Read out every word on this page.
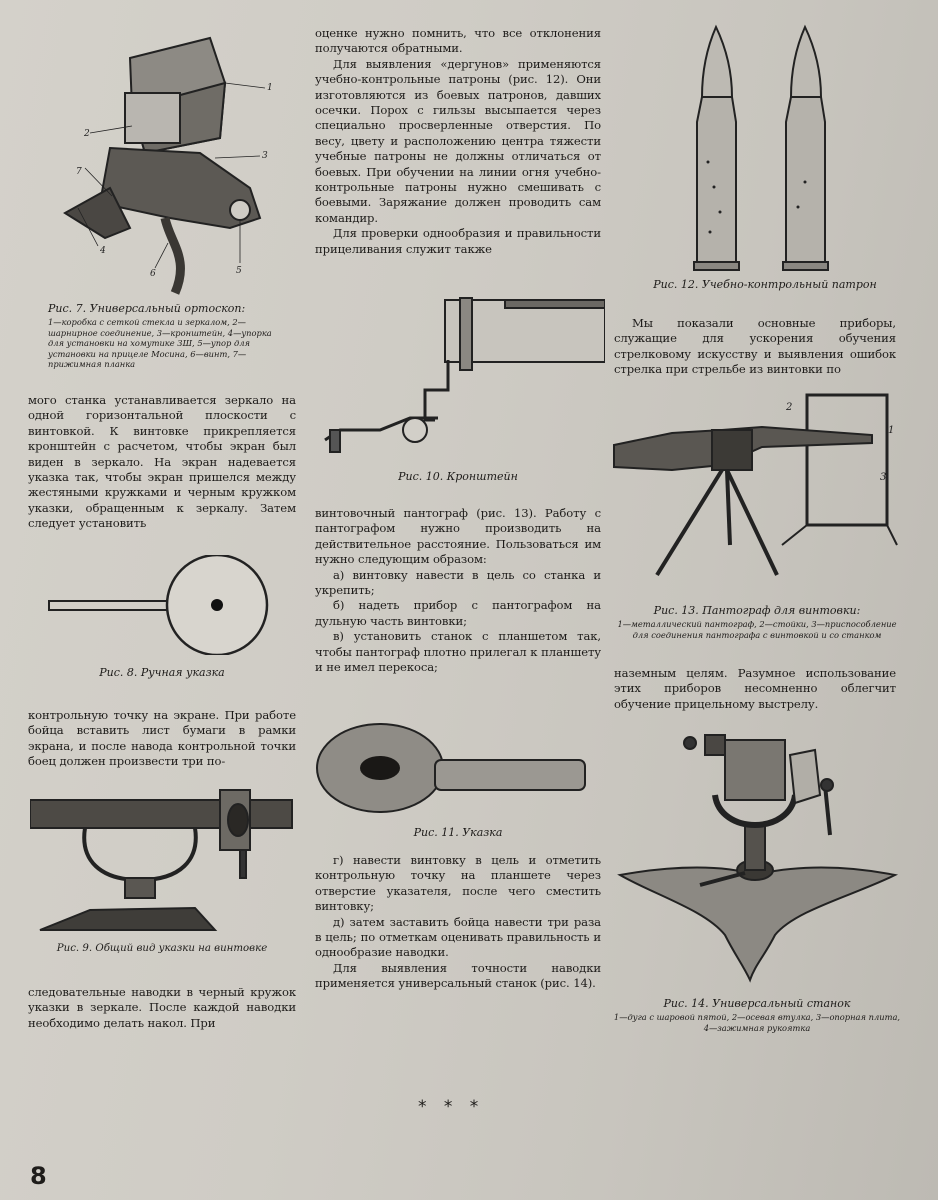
1
2
3
4
5
6
7

Рис. 7. Универсальный ортоскоп:

1—коробка с сеткой стекла и зеркалом, 2—шарнирное соединение, 3—кронштейн, 4—упорка для установки на хомутике 3Ш, 5—упор для установки на прицеле Мосина, 6—винт, 7—прижимная планка

мого станка устанавливается зеркало на одной горизонтальной плоскости с винтовкой. К винтовке прикрепляется кронштейн с расчетом, чтобы экран был виден в зеркало. На экран надевается указка так, чтобы экран пришелся между жестяными кружками и черным кружком указки, обращенным к зеркалу. Затем следует установить

Рис. 8. Ручная указка

контрольную точку на экране. При работе бойца вставить лист бумаги в рамки экрана, и после навода контрольной точки боец должен произвести три по-

Рис. 9. Общий вид указки на винтовке

следовательные наводки в черный кружок указки в зеркале. После каждой наводки необходимо делать накол. При

оценке нужно помнить, что все отклонения получаются обратными.

Для выявления «дергунов» применяются учебно-контрольные патроны (рис. 12). Они изготовляются из боевых патронов, давших осечки. Порох с гильзы высыпается через специально просверленные отверстия. По весу, цвету и расположению центра тяжести учебные патроны не должны отличаться от боевых. При обучении на линии огня учебно-контрольные патроны нужно смешивать с боевыми. Заряжание должен проводить сам командир.

Для проверки однообразия и правильности прицеливания служит также

Рис. 10. Кронштейн

винтовочный пантограф (рис. 13). Работу с пантографом нужно производить на действительное расстояние. Пользоваться им нужно следующим образом:

а) винтовку навести в цель со станка и укрепить;

б) надеть прибор с пантографом на дульную часть винтовки;

в) установить станок с планшетом так, чтобы пантограф плотно прилегал к планшету и не имел перекоса;

Рис. 11. Указка

г) навести винтовку в цель и отметить контрольную точку на планшете через отверстие указателя, после чего сместить винтовку;

д) затем заставить бойца навести три раза в цель; по отметкам оценивать правильность и однообразие наводки.

Для выявления точности наводки применяется универсальный станок (рис. 14).

Рис. 12. Учебно-контрольный патрон

Мы показали основные приборы, служащие для ускорения обучения стрелковому искусству и выявления ошибок стрелка при стрельбе из винтовки по

1
2
3

Рис. 13. Пантограф для винтовки:

1—металлический пантограф, 2—стойки, 3—приспособление для соединения пантографа с винтовкой и со станком

наземным целям. Разумное использование этих приборов несомненно облегчит обучение прицельному выстрелу.

Рис. 14. Универсальный станок

1—дуга с шаровой пятой, 2—осевая втулка, 3—опорная плита, 4—зажимная рукоятка

* * *
8
